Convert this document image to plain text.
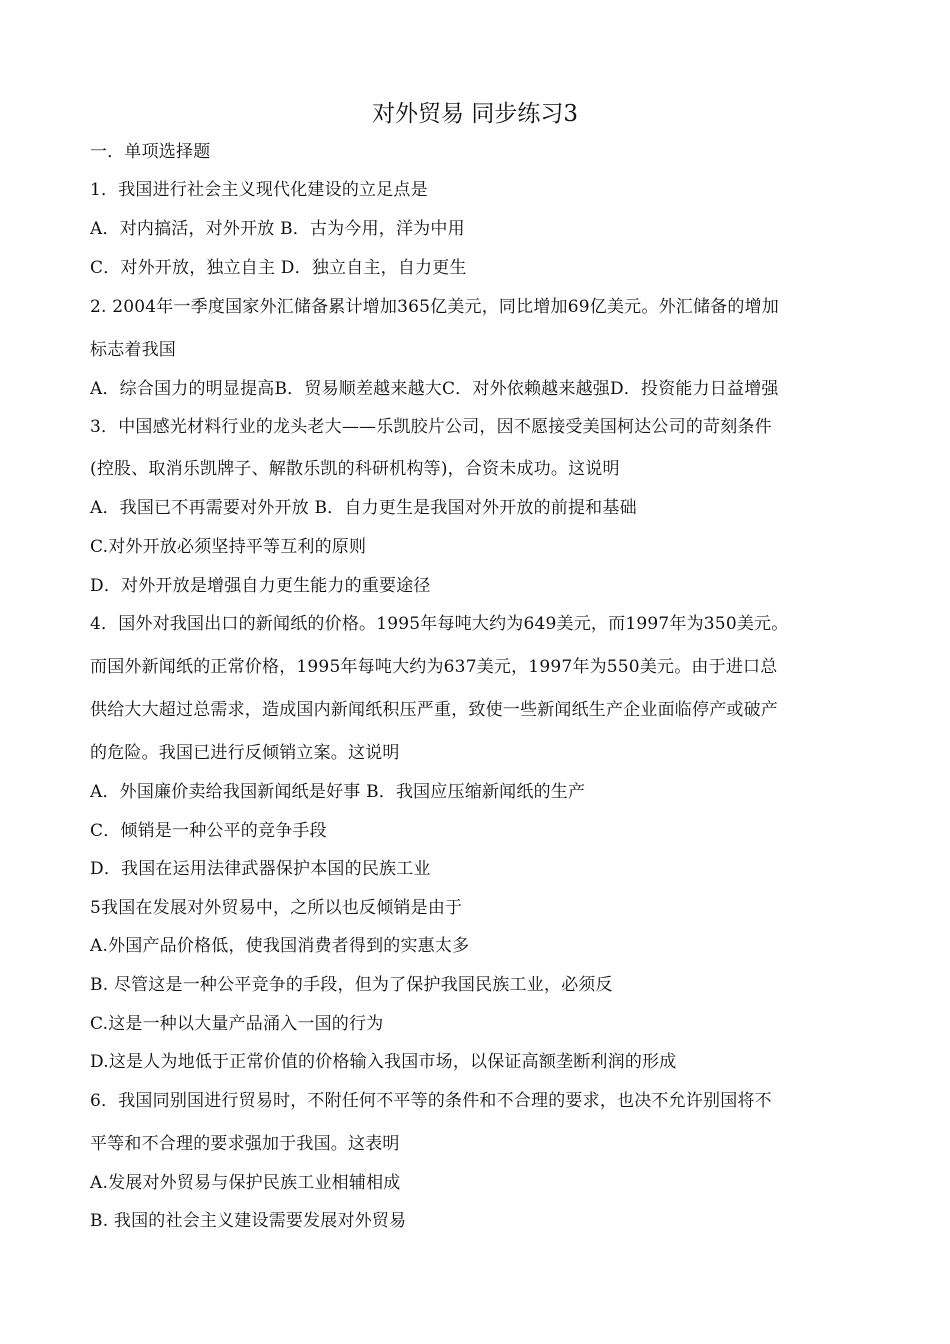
对外贸易 同步练习3
一．单项选择题
1．我国进行社会主义现代化建设的立足点是
A．对内搞活，对外开放 B．古为今用，洋为中用
C．对外开放，独立自主 D．独立自主，自力更生
2. 2004年一季度国家外汇储备累计增加365亿美元，同比增加69亿美元。外汇储备的增加
标志着我国
A．综合国力的明显提高B．贸易顺差越来越大C．对外依赖越来越强D．投资能力日益增强
3．中国感光材料行业的龙头老大——乐凯胶片公司，因不愿接受美国柯达公司的苛刻条件
(控股、取消乐凯牌子、解散乐凯的科研机构等)，合资未成功。这说明
A．我国已不再需要对外开放 B．自力更生是我国对外开放的前提和基础
C.对外开放必须坚持平等互利的原则
D．对外开放是增强自力更生能力的重要途径
4．国外对我国出口的新闻纸的价格。1995年每吨大约为649美元，而1997年为350美元。
而国外新闻纸的正常价格，1995年每吨大约为637美元，1997年为550美元。由于进口总
供给大大超过总需求，造成国内新闻纸积压严重，致使一些新闻纸生产企业面临停产或破产
的危险。我国已进行反倾销立案。这说明
A．外国廉价卖给我国新闻纸是好事 B．我国应压缩新闻纸的生产
C．倾销是一种公平的竞争手段
D．我国在运用法律武器保护本国的民族工业
5我国在发展对外贸易中，之所以也反倾销是由于
A.外国产品价格低，使我国消费者得到的实惠太多
B. 尽管这是一种公平竞争的手段，但为了保护我国民族工业，必须反
C.这是一种以大量产品涌入一国的行为
D.这是人为地低于正常价值的价格输入我国市场，以保证高额垄断利润的形成
6．我国同别国进行贸易时，不附任何不平等的条件和不合理的要求，也决不允许别国将不
平等和不合理的要求强加于我国。这表明
A.发展对外贸易与保护民族工业相辅相成
B. 我国的社会主义建设需要发展对外贸易
